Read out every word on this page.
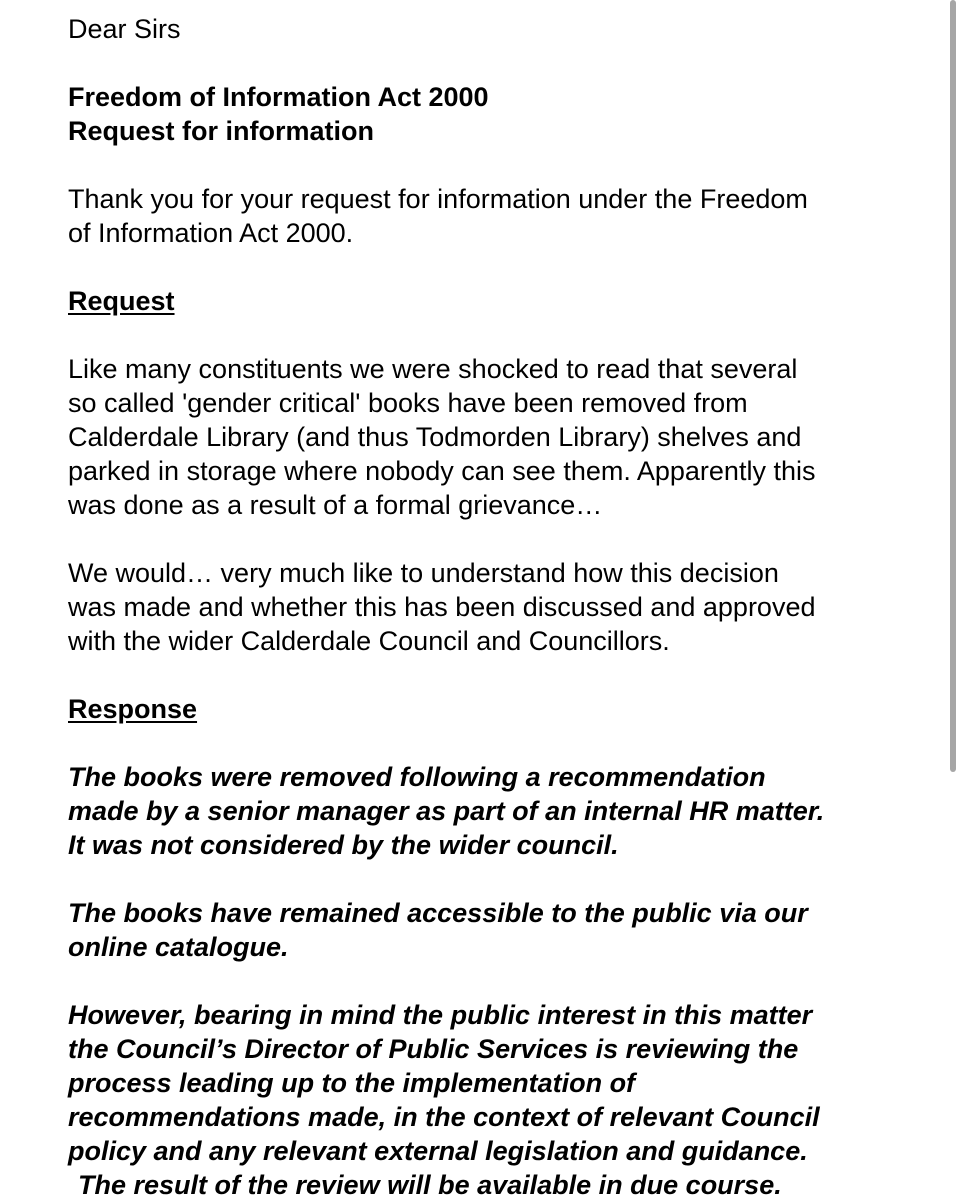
Dear Sirs

Freedom of Information Act 2000
Request for information

Thank you for your request for information under the Freedom
of Information Act 2000.

Request

Like many constituents we were shocked to read that several
so called 'gender critical' books have been removed from
Calderdale Library (and thus Todmorden Library) shelves and
parked in storage where nobody can see them. Apparently this
was done as a result of a formal grievance…

We would… very much like to understand how this decision
was made and whether this has been discussed and approved
with the wider Calderdale Council and Councillors.

Response

The books were removed following a recommendation
made by a senior manager as part of an internal HR matter.
It was not considered by the wider council.

The books have remained accessible to the public via our
online catalogue.

However, bearing in mind the public interest in this matter
the Council’s Director of Public Services is reviewing the
process leading up to the implementation of
recommendations made, in the context of relevant Council
policy and any relevant external legislation and guidance.
The result of the review will be available in due course.
